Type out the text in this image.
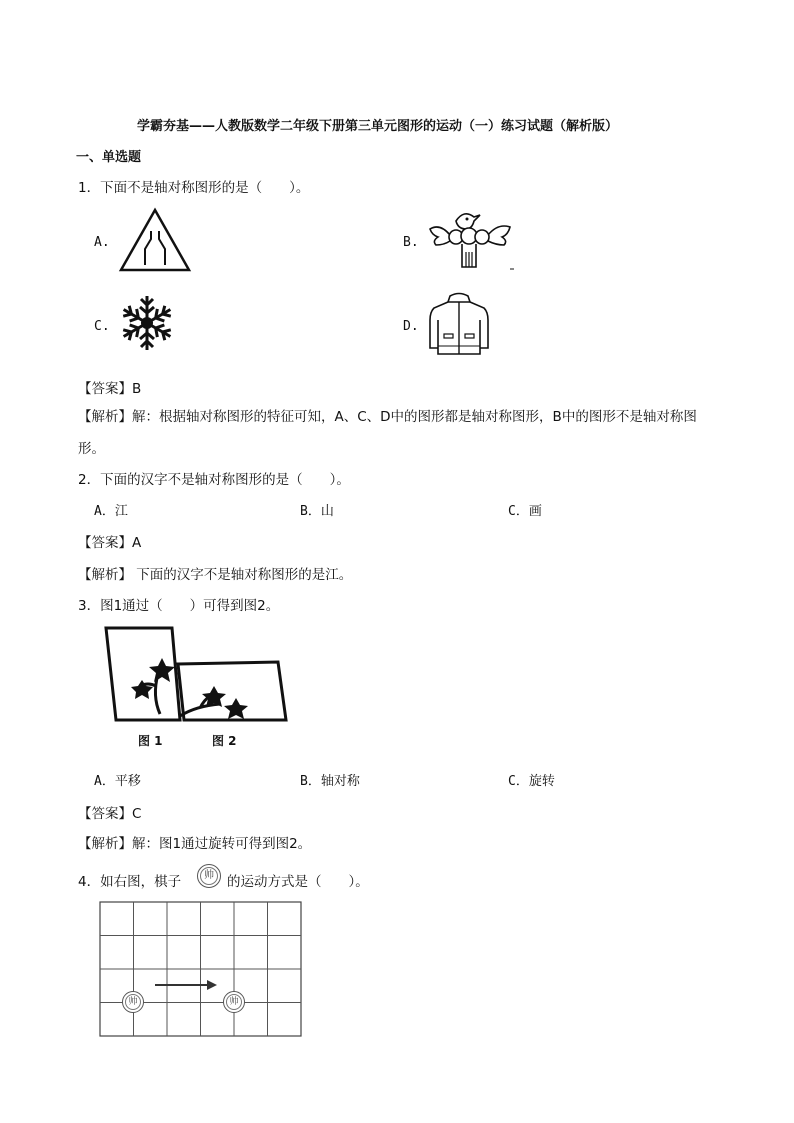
学霸夯基——人教版数学二年级下册第三单元图形的运动（一）练习试题（解析版）
一、单选题
1．下面不是轴对称图形的是（　　）。
A.	B.
C.	D.
【答案】B
【解析】解：根据轴对称图形的特征可知，A、C、D中的图形都是轴对称图形，B中的图形不是轴对称图
形。
2．下面的汉字不是轴对称图形的是（　　）。
A．江	B．山	C．画
【答案】A
【解析】 下面的汉字不是轴对称图形的是江。
3．图1通过（　　）可得到图2。
图 1	图 2
A．平移	B．轴对称	C．旋转
【答案】C
【解析】解：图1通过旋转可得到图2。
4．如右图，棋子	帅 的运动方式是（　　）。
帅	帅
